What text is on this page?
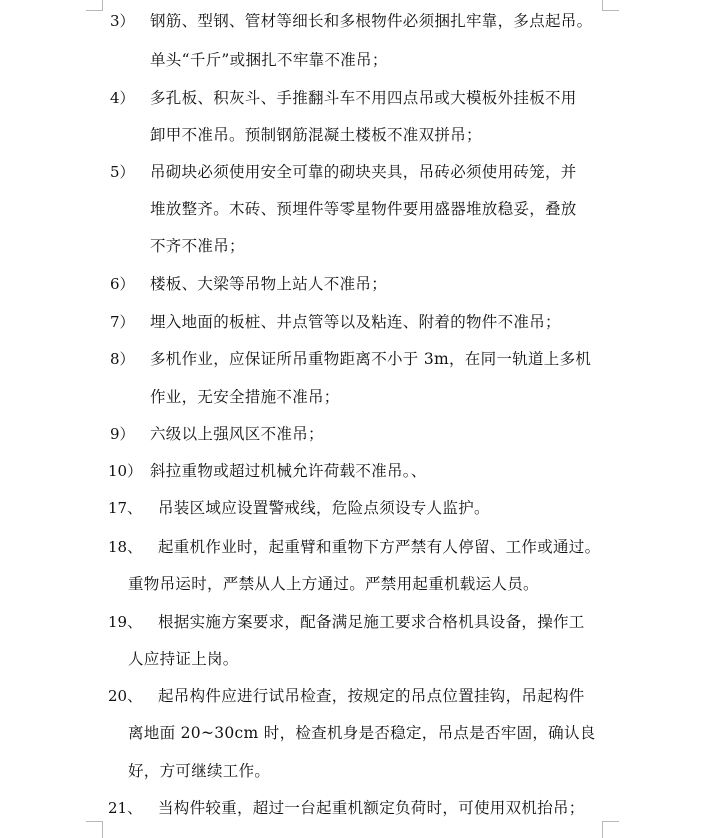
3） 钢筋、型钢、管材等细长和多根物件必须捆扎牢靠，多点起吊。
单头“千斤”或捆扎不牢靠不准吊；
4） 多孔板、积灰斗、手推翻斗车不用四点吊或大模板外挂板不用
卸甲不准吊。预制钢筋混凝土楼板不准双拼吊；
5） 吊砌块必须使用安全可靠的砌块夹具，吊砖必须使用砖笼，并
堆放整齐。木砖、预埋件等零星物件要用盛器堆放稳妥，叠放
不齐不准吊；
6） 楼板、大梁等吊物上站人不准吊；
7） 埋入地面的板桩、井点管等以及粘连、附着的物件不准吊；
8） 多机作业，应保证所吊重物距离不小于 3m，在同一轨道上多机
作业，无安全措施不准吊；
9） 六级以上强风区不准吊；
10） 斜拉重物或超过机械允许荷载不准吊。、
17、 吊装区域应设置警戒线，危险点须设专人监护。
18、 起重机作业时，起重臂和重物下方严禁有人停留、工作或通过。
重物吊运时，严禁从人上方通过。严禁用起重机载运人员。
19、 根据实施方案要求，配备满足施工要求合格机具设备，操作工
人应持证上岗。
20、 起吊构件应进行试吊检查，按规定的吊点位置挂钩，吊起构件
离地面 20~30cm 时，检查机身是否稳定，吊点是否牢固，确认良
好，方可继续工作。
21、 当构件较重，超过一台起重机额定负荷时，可使用双机抬吊；
